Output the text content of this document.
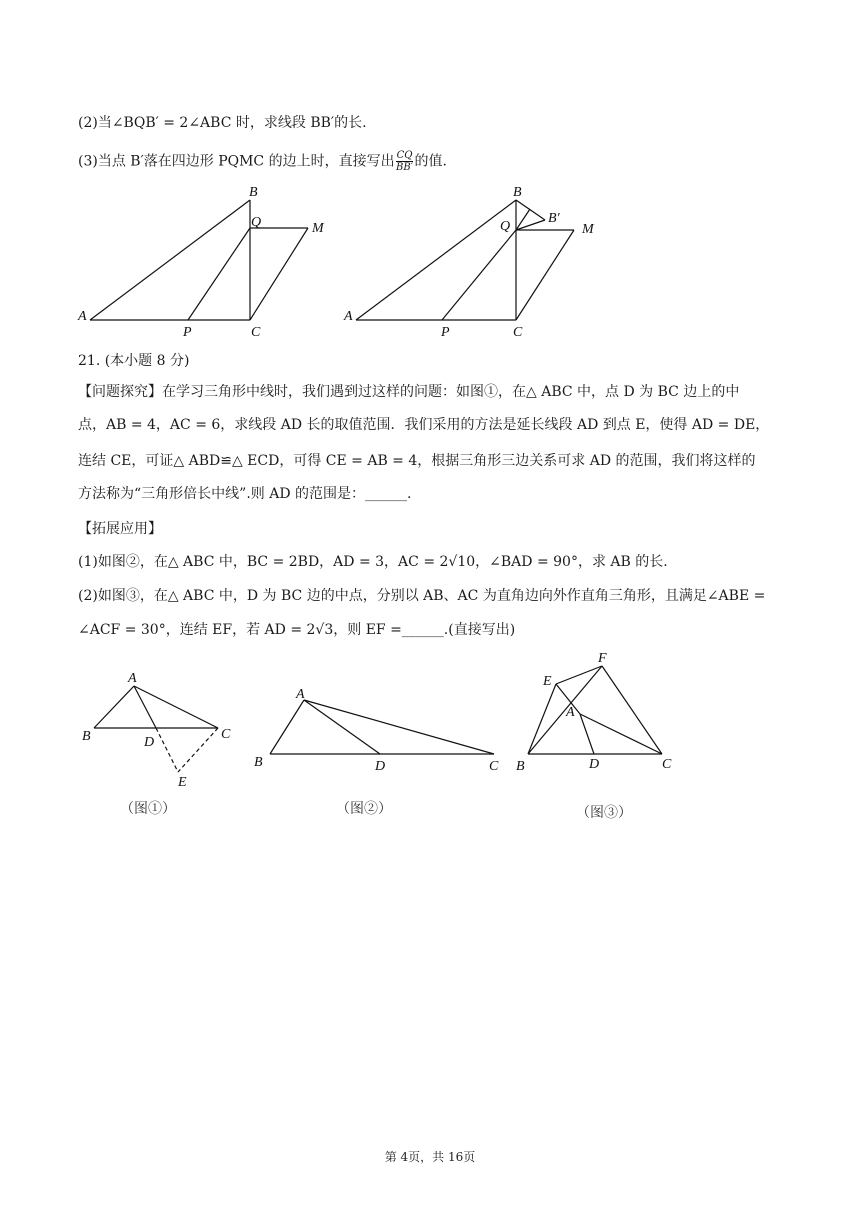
(2)当∠BQB′ = 2∠ABC 时，求线段 BB′的长.
(3)当点 B′落在四边形 PQMC 的边上时，直接写出 $\frac{CQ}{BB'}$ 的值.
B
Q	M
A
P	C
B
Q
B′
M
A
P	C
21. (本小题 8 分)
【问题探究】在学习三角形中线时，我们遇到过这样的问题：如图①，在△ ABC 中，点 D 为 BC 边上的中
点，AB = 4，AC = 6，求线段 AD 长的取值范围．我们采用的方法是延长线段 AD 到点 E，使得 AD = DE，
连结 CE，可证△ ABD≌△ ECD，可得 CE = AB = 4，根据三角形三边关系可求 AD 的范围，我们将这样的
方法称为“三角形倍长中线”.则 AD 的范围是：______.
【拓展应用】
(1)如图②，在△ ABC 中，BC = 2BD，AD = 3，AC = 2√10，∠BAD = 90°，求 AB 的长.
(2)如图③，在△ ABC 中，D 为 BC 边的中点，分别以 AB、AC 为直角边向外作直角三角形，且满足∠ABE =
∠ACF = 30°，连结 EF，若 AD = 2√3，则 EF =______.(直接写出)
A
B	D
C
E
（图①）
A
B	D	C
（图②）
F
E
A
B	D	C
（图③）
第 4页，共 16页
